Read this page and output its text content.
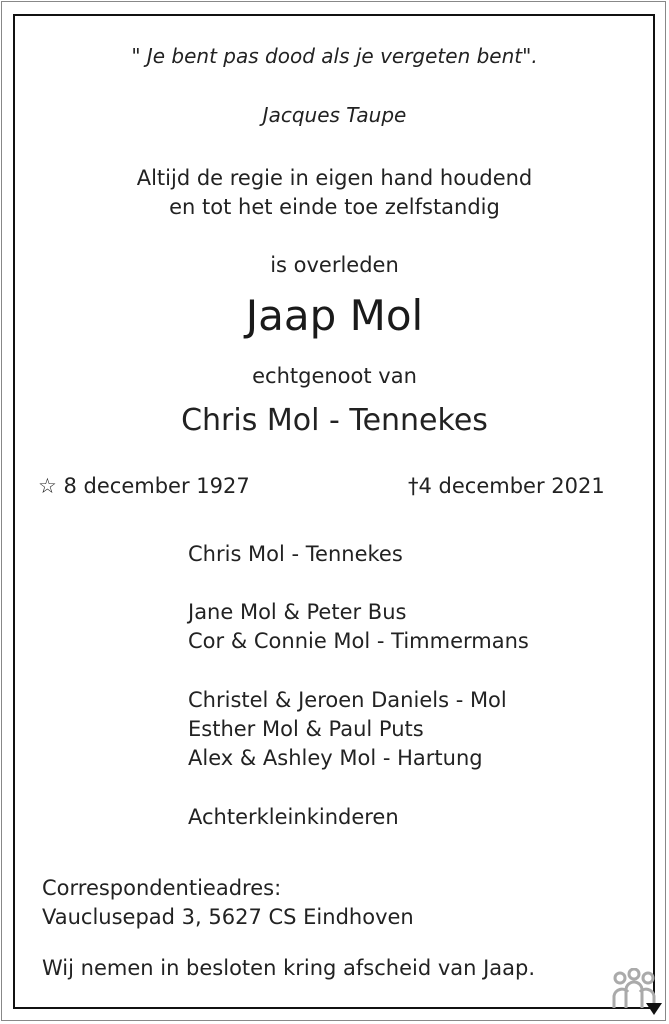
" Je bent pas dood als je vergeten bent".
Jacques Taupe
Altijd de regie in eigen hand houdend
en tot het einde toe zelfstandig
is overleden
Jaap Mol
echtgenoot van
Chris Mol - Tennekes
☆ 8 december 1927	†4 december 2021
Chris Mol - Tennekes
Jane Mol & Peter Bus
Cor & Connie Mol - Timmermans
Christel & Jeroen Daniels - Mol
Esther Mol & Paul Puts
Alex & Ashley Mol - Hartung
Achterkleinkinderen
Correspondentieadres:
Vauclusepad 3, 5627 CS Eindhoven
Wij nemen in besloten kring afscheid van Jaap.
